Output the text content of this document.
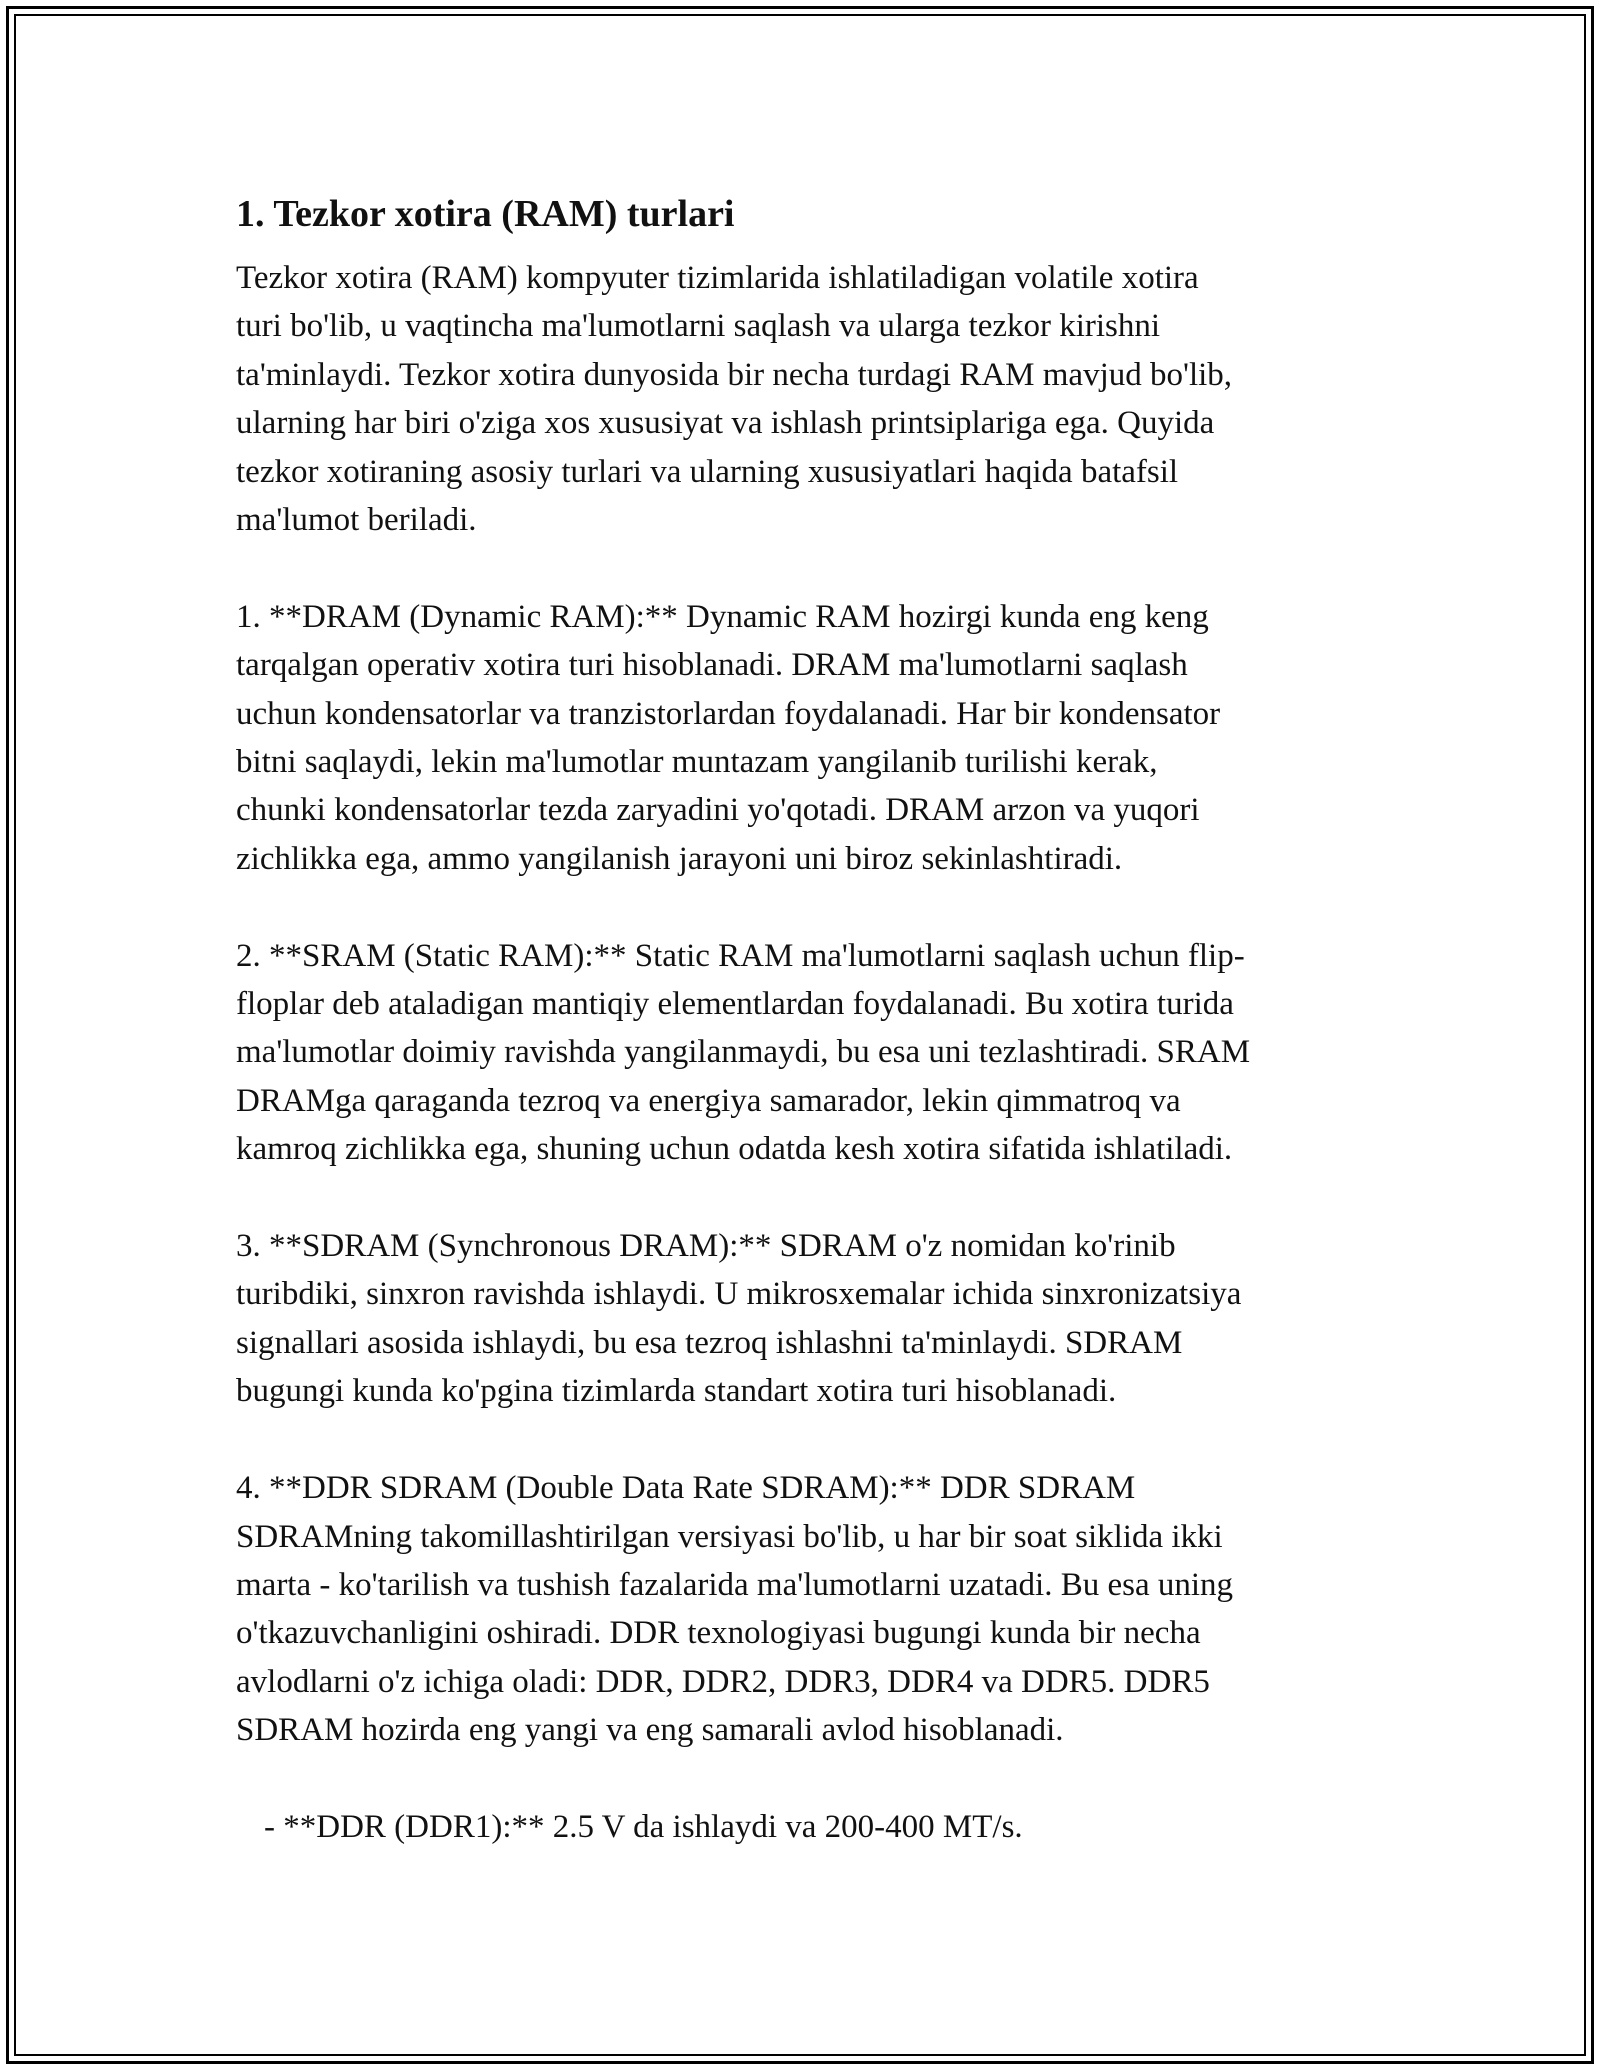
1. Tezkor xotira (RAM) turlari
Tezkor xotira (RAM) kompyuter tizimlarida ishlatiladigan volatile xotira
turi bo'lib, u vaqtincha ma'lumotlarni saqlash va ularga tezkor kirishni
ta'minlaydi. Tezkor xotira dunyosida bir necha turdagi RAM mavjud bo'lib,
ularning har biri o'ziga xos xususiyat va ishlash printsiplariga ega. Quyida
tezkor xotiraning asosiy turlari va ularning xususiyatlari haqida batafsil
ma'lumot beriladi.
1. **DRAM (Dynamic RAM):** Dynamic RAM hozirgi kunda eng keng
tarqalgan operativ xotira turi hisoblanadi. DRAM ma'lumotlarni saqlash
uchun kondensatorlar va tranzistorlardan foydalanadi. Har bir kondensator
bitni saqlaydi, lekin ma'lumotlar muntazam yangilanib turilishi kerak,
chunki kondensatorlar tezda zaryadini yo'qotadi. DRAM arzon va yuqori
zichlikka ega, ammo yangilanish jarayoni uni biroz sekinlashtiradi.
2. **SRAM (Static RAM):** Static RAM ma'lumotlarni saqlash uchun flip-
floplar deb ataladigan mantiqiy elementlardan foydalanadi. Bu xotira turida
ma'lumotlar doimiy ravishda yangilanmaydi, bu esa uni tezlashtiradi. SRAM
DRAMga qaraganda tezroq va energiya samarador, lekin qimmatroq va
kamroq zichlikka ega, shuning uchun odatda kesh xotira sifatida ishlatiladi.
3. **SDRAM (Synchronous DRAM):** SDRAM o'z nomidan ko'rinib
turibdiki, sinxron ravishda ishlaydi. U mikrosxemalar ichida sinxronizatsiya
signallari asosida ishlaydi, bu esa tezroq ishlashni ta'minlaydi. SDRAM
bugungi kunda ko'pgina tizimlarda standart xotira turi hisoblanadi.
4. **DDR SDRAM (Double Data Rate SDRAM):** DDR SDRAM
SDRAMning takomillashtirilgan versiyasi bo'lib, u har bir soat siklida ikki
marta - ko'tarilish va tushish fazalarida ma'lumotlarni uzatadi. Bu esa uning
o'tkazuvchanligini oshiradi. DDR texnologiyasi bugungi kunda bir necha
avlodlarni o'z ichiga oladi: DDR, DDR2, DDR3, DDR4 va DDR5. DDR5
SDRAM hozirda eng yangi va eng samarali avlod hisoblanadi.
- **DDR (DDR1):** 2.5 V da ishlaydi va 200-400 MT/s.
